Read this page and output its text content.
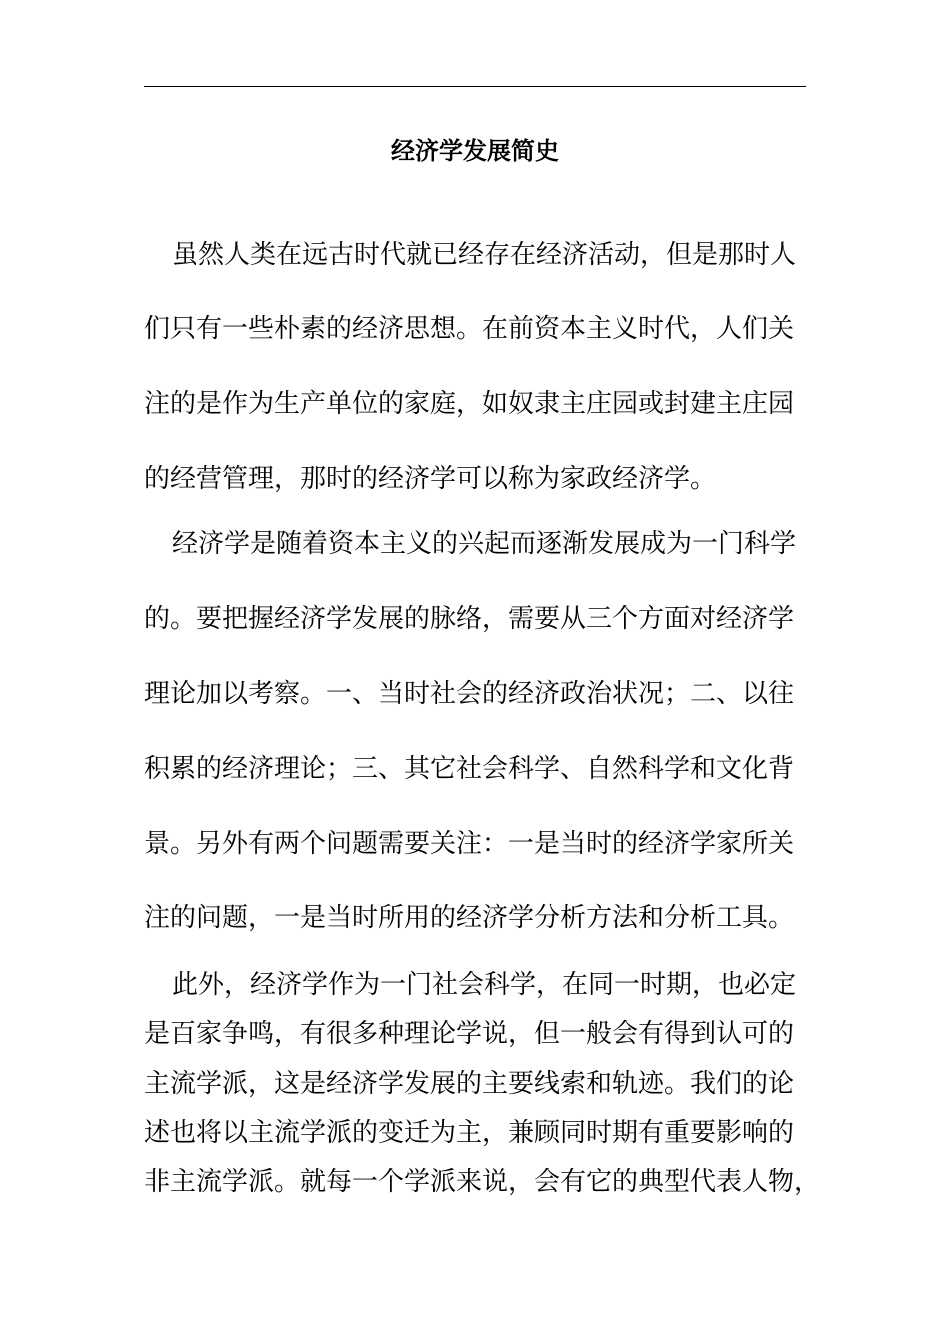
经济学发展简史
虽然人类在远古时代就已经存在经济活动，但是那时人
们只有一些朴素的经济思想。在前资本主义时代，人们关
注的是作为生产单位的家庭，如奴隶主庄园或封建主庄园
的经营管理，那时的经济学可以称为家政经济学。
经济学是随着资本主义的兴起而逐渐发展成为一门科学
的。要把握经济学发展的脉络，需要从三个方面对经济学
理论加以考察。一、当时社会的经济政治状况；二、以往
积累的经济理论；三、其它社会科学、自然科学和文化背
景。另外有两个问题需要关注：一是当时的经济学家所关
注的问题，一是当时所用的经济学分析方法和分析工具。
此外，经济学作为一门社会科学，在同一时期，也必定
是百家争鸣，有很多种理论学说，但一般会有得到认可的
主流学派，这是经济学发展的主要线索和轨迹。我们的论
述也将以主流学派的变迁为主，兼顾同时期有重要影响的
非主流学派。就每一个学派来说，会有它的典型代表人物，
